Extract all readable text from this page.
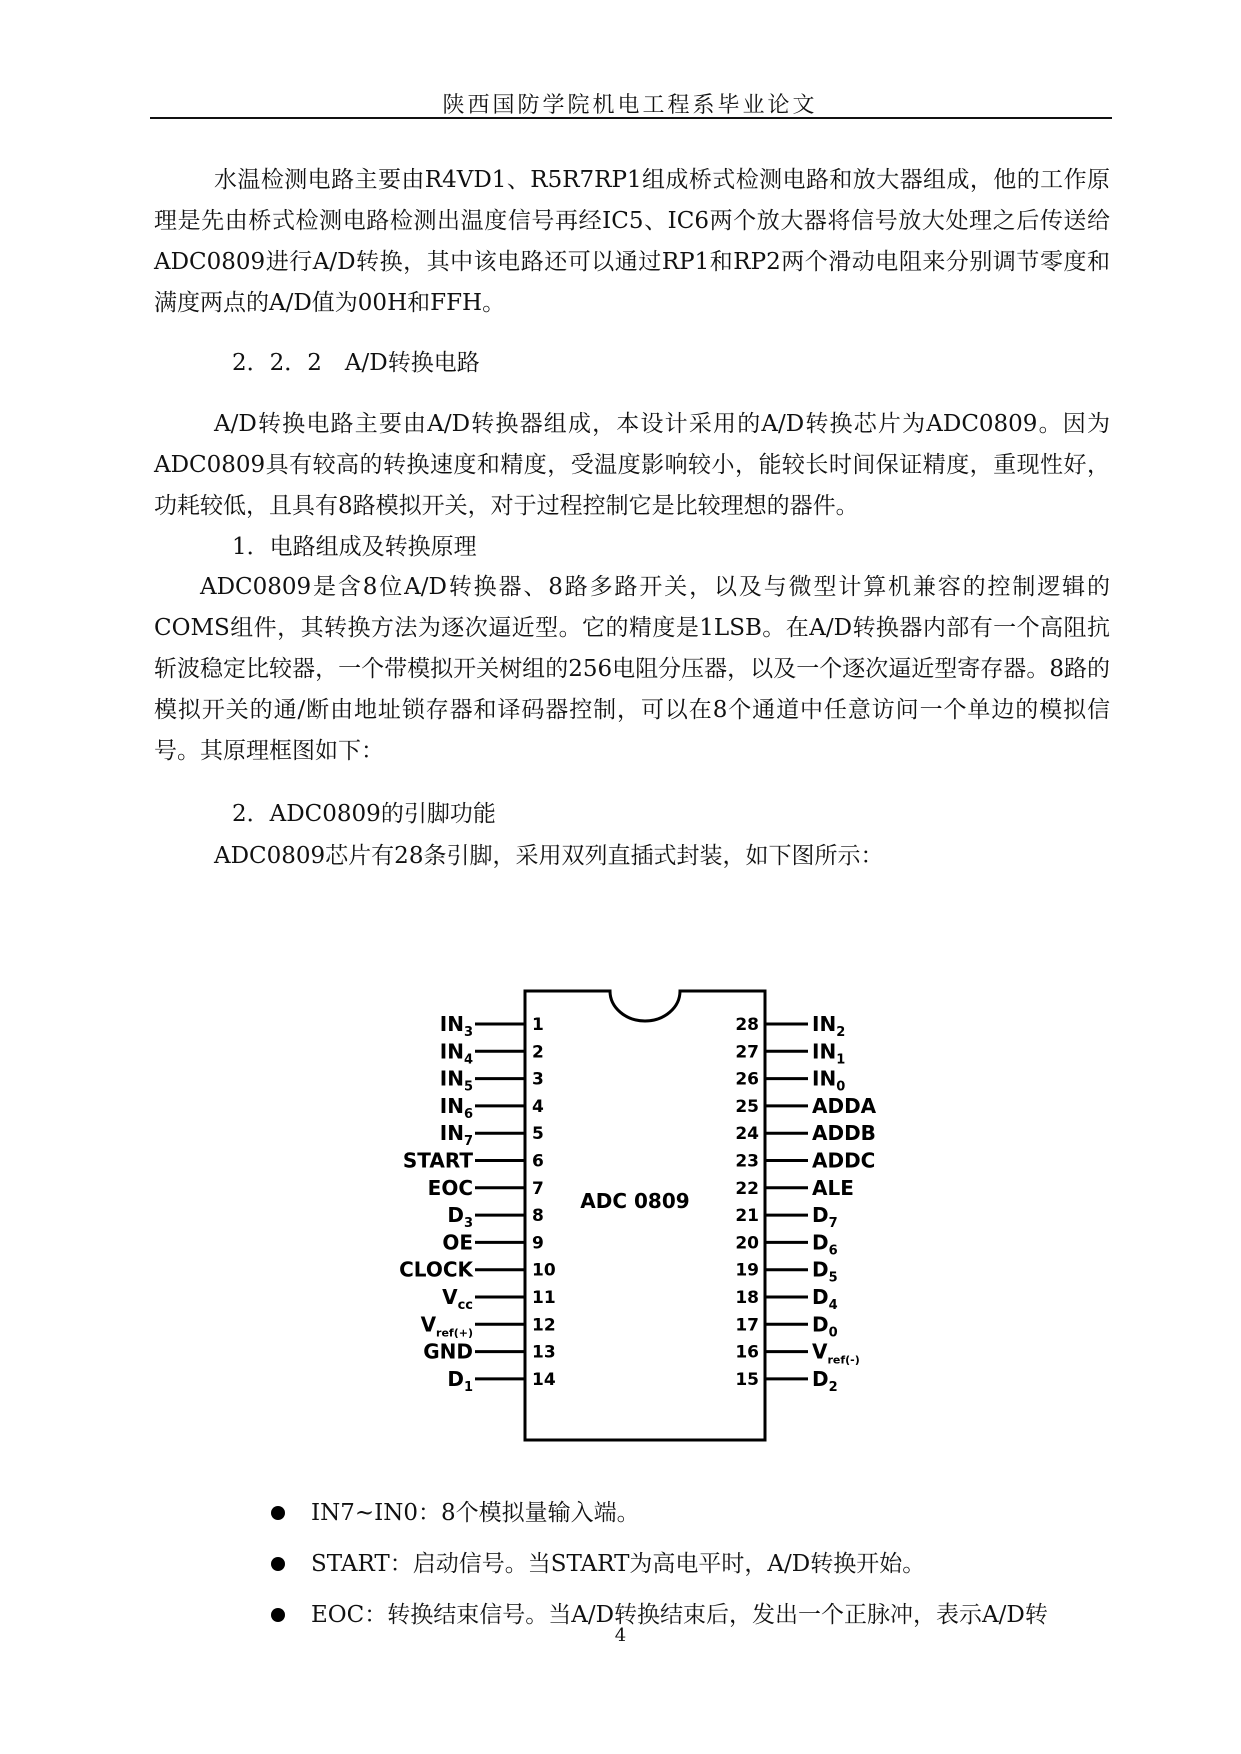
陕西国防学院机电工程系毕业论文

水温检测电路主要由R4VD1、R5R7RP1组成桥式检测电路和放大器组成，他的工作原理是先由桥式检测电路检测出温度信号再经IC5、IC6两个放大器将信号放大处理之后传送给ADC0809进行A/D转换，其中该电路还可以通过RP1和RP2两个滑动电阻来分别调节零度和满度两点的A/D值为00H和FFH。

2．2．2　A/D转换电路

A/D转换电路主要由A/D转换器组成，本设计采用的A/D转换芯片为ADC0809。因为ADC0809具有较高的转换速度和精度，受温度影响较小，能较长时间保证精度，重现性好，功耗较低，且具有8路模拟开关，对于过程控制它是比较理想的器件。

1．电路组成及转换原理

ADC0809是含8位A/D转换器、8路多路开关，以及与微型计算机兼容的控制逻辑的COMS组件，其转换方法为逐次逼近型。它的精度是1LSB。在A/D转换器内部有一个高阻抗斩波稳定比较器，一个带模拟开关树组的256电阻分压器，以及一个逐次逼近型寄存器。8路的模拟开关的通/断由地址锁存器和译码器控制，可以在8个通道中任意访问一个单边的模拟信号。其原理框图如下：

2．ADC0809的引脚功能

ADC0809芯片有28条引脚，采用双列直插式封装，如下图所示：

ADC 0809
$IN_3$	1
$IN_4$	2
$IN_5$	3
$IN_6$	4
$IN_7$	5
START	6
EOC	7
$D_3$	8
OE	9
CLOCK	10
$V_{cc}$	11
$V_{ref(+)}$	12
GND	13
$D_1$	14
$IN_2$
28
$IN_1$
27
$IN_0$
26
ADDA
25
ADDB
24
ADDC
23
ALE
22
$D_7$
21
$D_6$
20
$D_5$
19
$D_4$
18
$D_0$
17
$V_{ref(-)}$
16
$D_2$
15
IN7~IN0：8个模拟量输入端。
START：启动信号。当START为高电平时，A/D转换开始。
EOC：转换结束信号。当A/D转换结束后，发出一个正脉冲，表示A/D转
4
